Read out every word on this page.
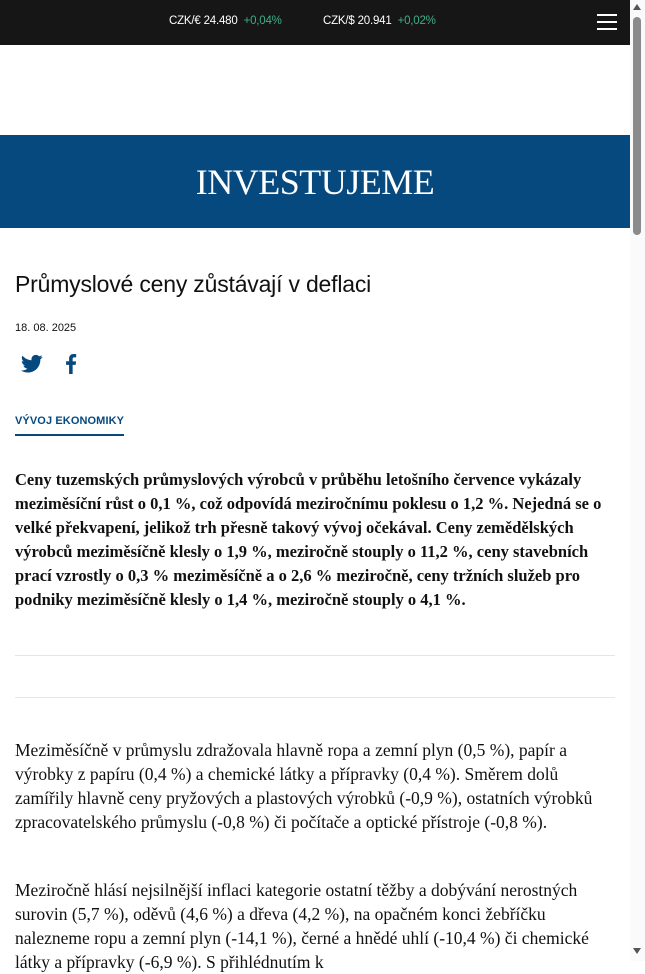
CZK/€ 24.480 +0,04%	CZK/$ 20.941 +0,02%
INVESTUJEME
Průmyslové ceny zůstávají v deflaci
18. 08. 2025
VÝVOJ EKONOMIKY

Ceny tuzemských průmyslových výrobců v průběhu letošního července vykázaly meziměsíční růst o 0,1 %, což odpovídá meziročnímu poklesu o 1,2 %. Nejedná se o velké překvapení, jelikož trh přesně takový vývoj očekával. Ceny zemědělských výrobců meziměsíčně klesly o 1,9 %, meziročně stouply o 11,2 %, ceny stavebních prací vzrostly o 0,3 % meziměsíčně a o 2,6 % meziročně, ceny tržních služeb pro podniky meziměsíčně klesly o 1,4 %, meziročně stouply o 4,1 %.

Meziměsíčně v průmyslu zdražovala hlavně ropa a zemní plyn (0,5 %), papír a výrobky z papíru (0,4 %) a chemické látky a přípravky (0,4 %). Směrem dolů zamířily hlavně ceny pryžových a plastových výrobků (-0,9 %), ostatních výrobků zpracovatelského průmyslu (-0,8 %) či počítače a optické přístroje (-0,8 %).

Meziročně hlásí nejsilnější inflaci kategorie ostatní těžby a dobývání nerostných surovin (5,7 %), oděvů (4,6 %) a dřeva (4,2 %), na opačném konci žebříčku nalezneme ropu a zemní plyn (-14,1 %), černé a hnědé uhlí (-10,4 %) či chemické látky a přípravky (-6,9 %). S přihlédnutím k
